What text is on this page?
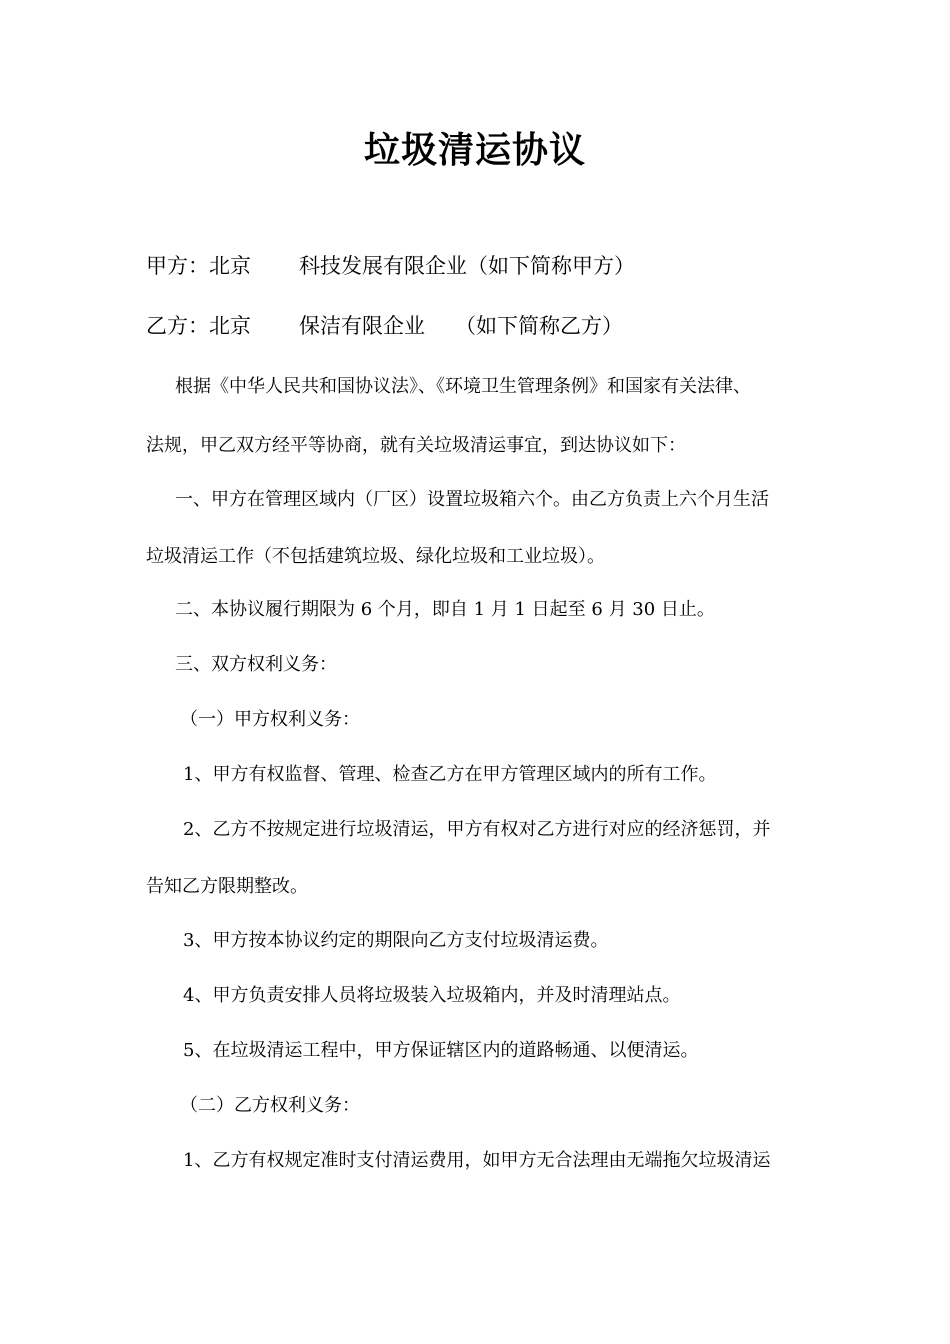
垃圾清运协议
甲方：北京 科技发展有限企业（如下简称甲方）
乙方：北京 保洁有限企业 （如下简称乙方）
根据《中华人民共和国协议法》、《环境卫生管理条例》和国家有关法律、
法规，甲乙双方经平等协商，就有关垃圾清运事宜，到达协议如下：
一、甲方在管理区域内（厂区）设置垃圾箱六个。由乙方负责上六个月生活
垃圾清运工作（不包括建筑垃圾、绿化垃圾和工业垃圾）。
二、本协议履行期限为 6 个月，即自 1 月 1 日起至 6 月 30 日止。
三、双方权利义务：
（一）甲方权利义务：
1、甲方有权监督、管理、检查乙方在甲方管理区域内的所有工作。
2、乙方不按规定进行垃圾清运，甲方有权对乙方进行对应的经济惩罚，并
告知乙方限期整改。
3、甲方按本协议约定的期限向乙方支付垃圾清运费。
4、甲方负责安排人员将垃圾装入垃圾箱内，并及时清理站点。
5、在垃圾清运工程中，甲方保证辖区内的道路畅通、以便清运。
（二）乙方权利义务：
1、乙方有权规定准时支付清运费用，如甲方无合法理由无端拖欠垃圾清运
